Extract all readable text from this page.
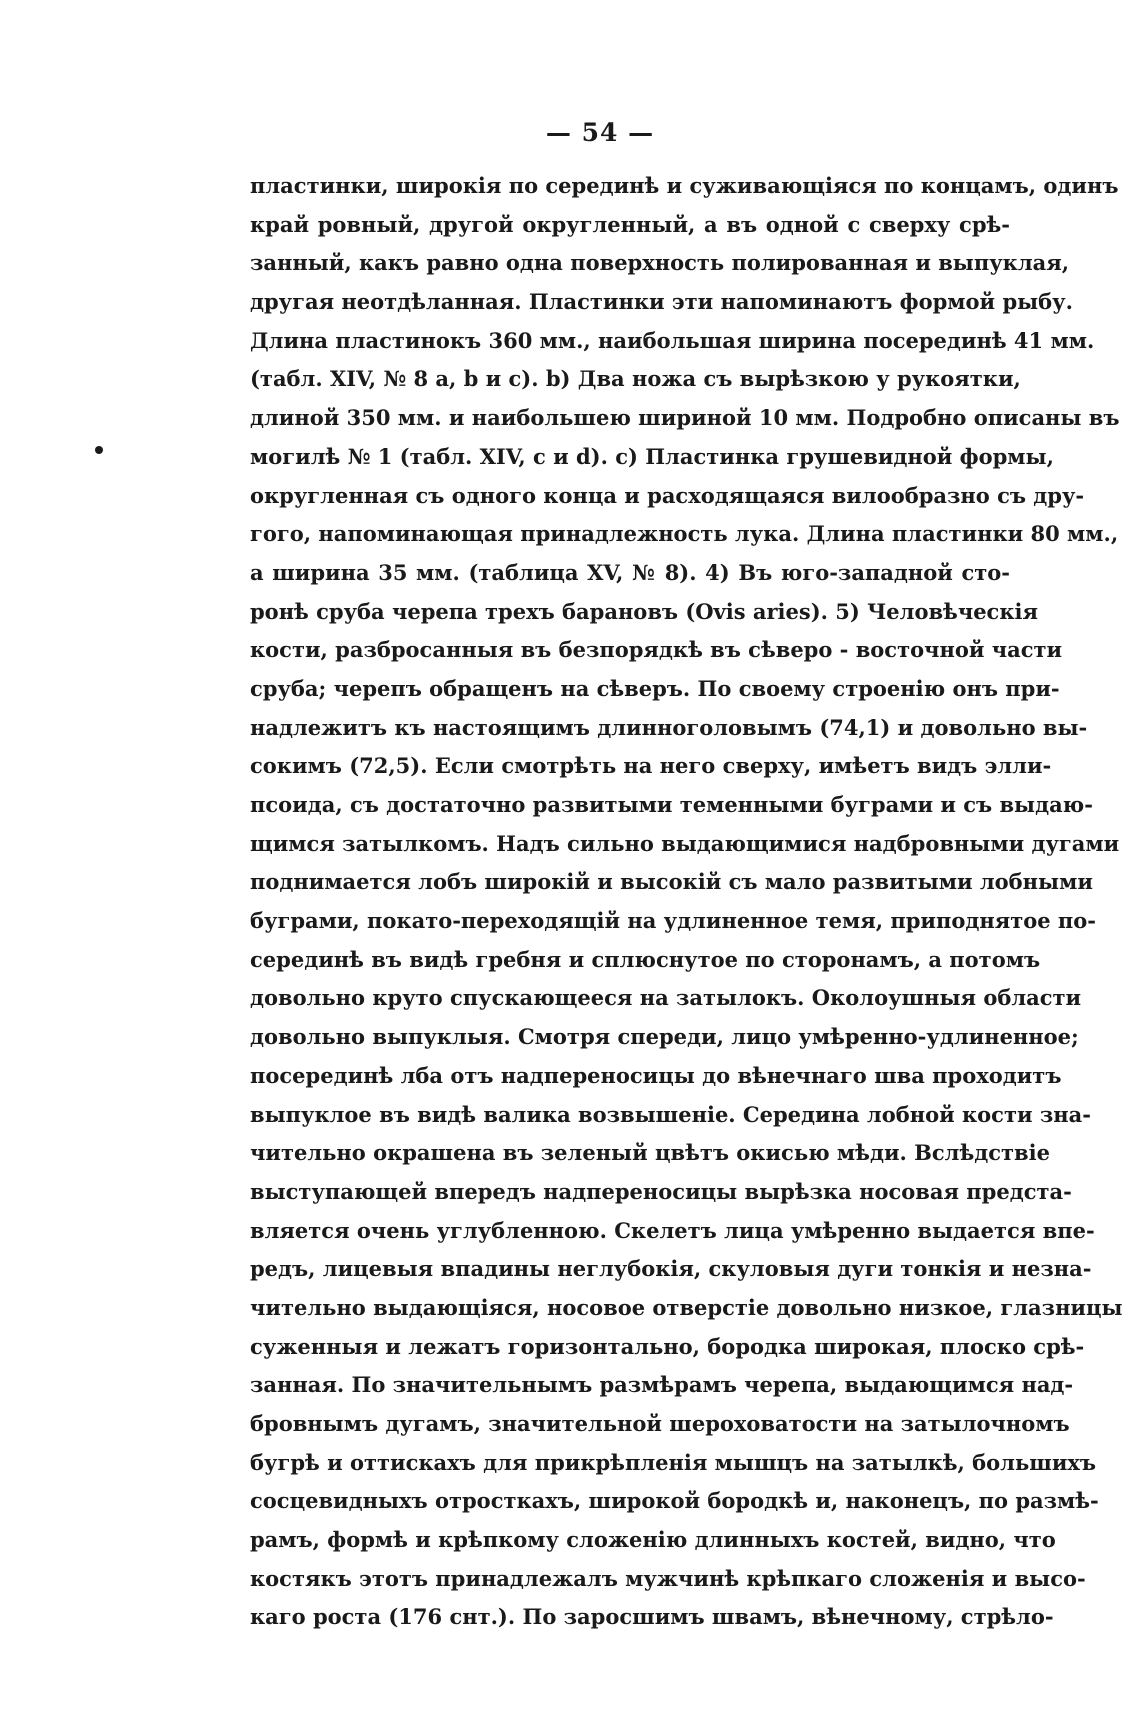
— 54 —
пластинки, широкія по серединѣ и суживающіяся по концамъ, одинъ
край ровный, другой округленный, а въ одной c сверху срѣ-
занный, какъ равно одна поверхность полированная и выпуклая,
другая неотдѣланная. Пластинки эти напоминаютъ формой рыбу.
Длина пластинокъ 360 мм., наибольшая ширина посерединѣ 41 мм.
(табл. XIV, № 8 a, b и c). b) Два ножа съ вырѣзкою у рукоятки,
длиной 350 мм. и наибольшею шириной 10 мм. Подробно описаны въ
могилѣ № 1 (табл. XIV, c и d). c) Пластинка грушевидной формы,
округленная съ одного конца и расходящаяся вилообразно съ дру-
гого, напоминающая принадлежность лука. Длина пластинки 80 мм.,
а ширина 35 мм. (таблица XV, № 8). 4) Въ юго-западной сто-
ронѣ сруба черепа трехъ барановъ (Ovis aries). 5) Человѣческія
кости, разбросанныя въ безпорядкѣ въ сѣверо - восточной части
сруба; черепъ обращенъ на сѣверъ. По своему строенію онъ при-
надлежитъ къ настоящимъ длинноголовымъ (74,1) и довольно вы-
сокимъ (72,5). Если смотрѣть на него сверху, имѣетъ видъ элли-
псоида, съ достаточно развитыми теменными буграми и съ выдаю-
щимся затылкомъ. Надъ сильно выдающимися надбровными дугами
поднимается лобъ широкій и высокій съ мало развитыми лобными
буграми, покато-переходящій на удлиненное темя, приподнятое по-
серединѣ въ видѣ гребня и сплюснутое по сторонамъ, а потомъ
довольно круто спускающееся на затылокъ. Околоушныя области
довольно выпуклыя. Смотря спереди, лицо умѣренно-удлиненное;
посерединѣ лба отъ надпереносицы до вѣнечнаго шва проходитъ
выпуклое въ видѣ валика возвышеніе. Середина лобной кости зна-
чительно окрашена въ зеленый цвѣтъ окисью мѣди. Вслѣдствіе
выступающей впередъ надпереносицы вырѣзка носовая предста-
вляется очень углубленною. Скелетъ лица умѣренно выдается впе-
редъ, лицевыя впадины неглубокія, скуловыя дуги тонкія и незна-
чительно выдающіяся, носовое отверстіе довольно низкое, глазницы
суженныя и лежатъ горизонтально, бородка широкая, плоско срѣ-
занная. По значительнымъ размѣрамъ черепа, выдающимся над-
бровнымъ дугамъ, значительной шероховатости на затылочномъ
бугрѣ и оттискахъ для прикрѣпленія мышцъ на затылкѣ, большихъ
сосцевидныхъ отросткахъ, широкой бородкѣ и, наконецъ, по размѣ-
рамъ, формѣ и крѣпкому сложенію длинныхъ костей, видно, что
костякъ этотъ принадлежалъ мужчинѣ крѣпкаго сложенія и высо-
каго роста (176 снт.). По заросшимъ швамъ, вѣнечному, стрѣло-
